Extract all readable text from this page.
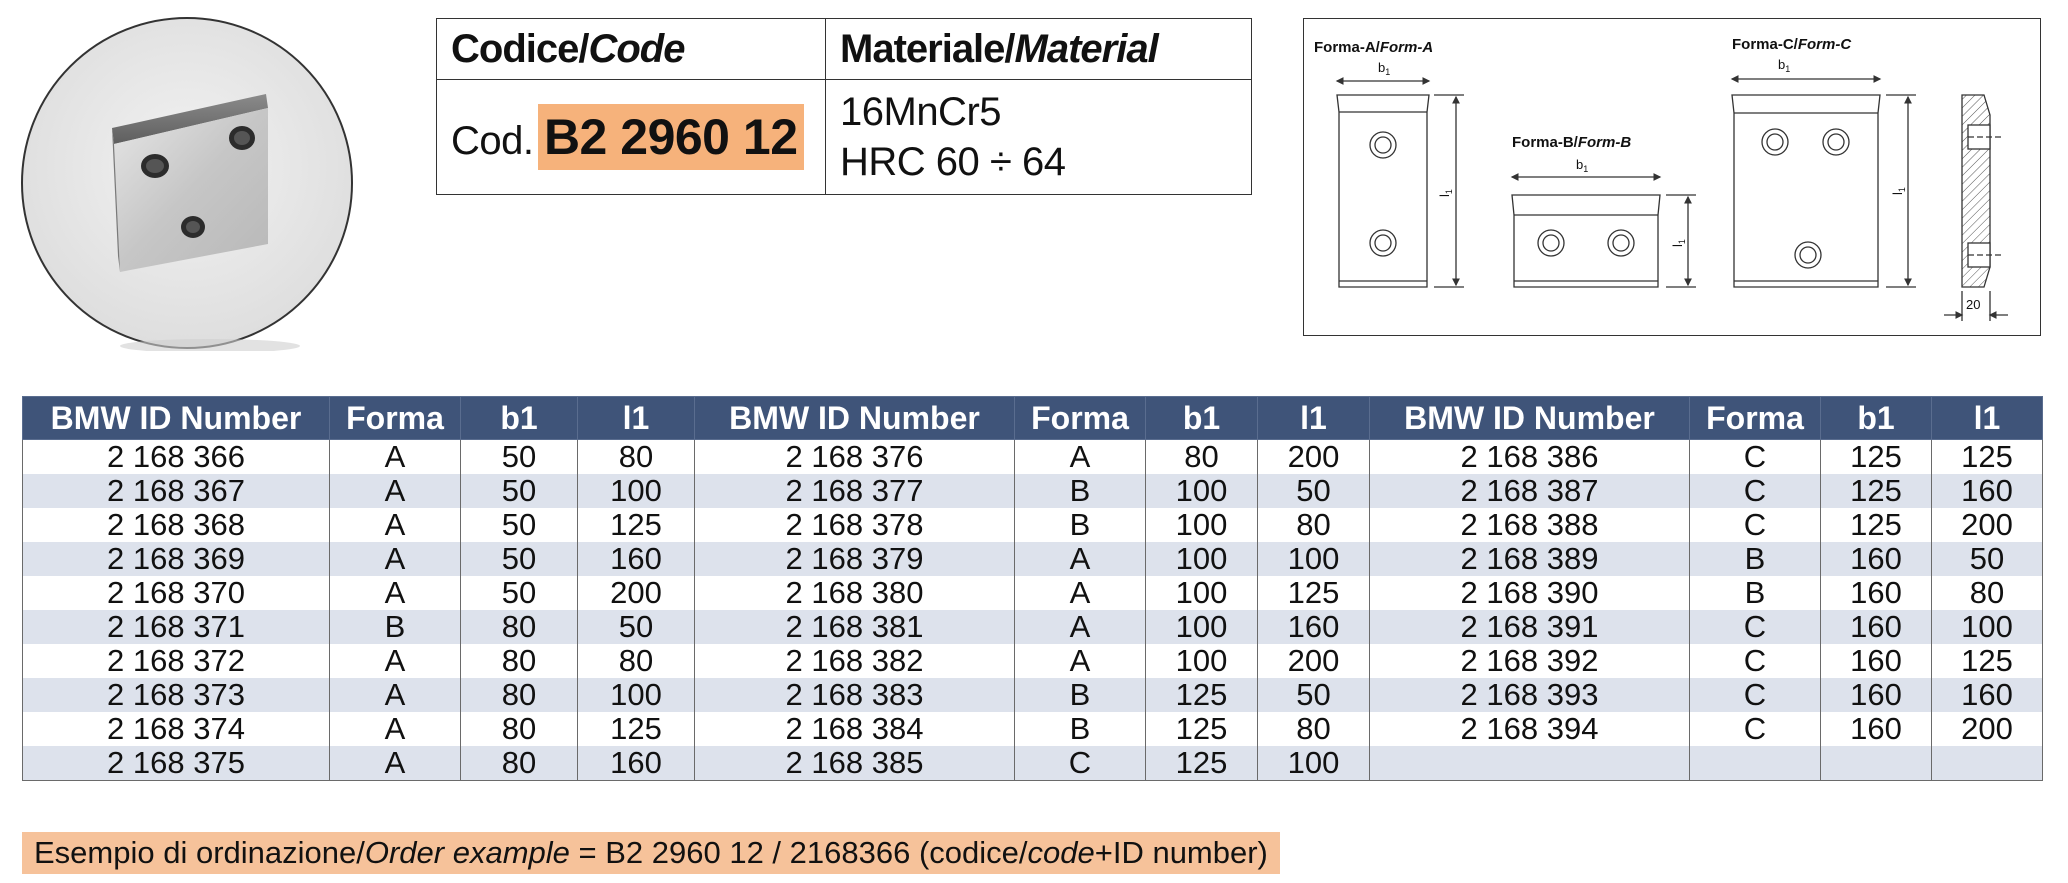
Codice/Code	Materiale/Material
Cod. B2 2960 12	16MnCr5
HRC 60 ÷ 64
Forma-A/Form-A
$b_1$
$l_1$
Forma-B/Form-B
$b_1$
$l_1$
Forma-C/Form-C
$b_1$
$l_1$
20
BMW ID Number	Forma	b1	l1	BMW ID Number	Forma	b1	l1	BMW ID Number	Forma	b1	l1
2 168 366	A	50	80	2 168 376	A	80	200	2 168 386	C	125	125
2 168 367	A	50	100	2 168 377	B	100	50	2 168 387	C	125	160
2 168 368	A	50	125	2 168 378	B	100	80	2 168 388	C	125	200
2 168 369	A	50	160	2 168 379	A	100	100	2 168 389	B	160	50
2 168 370	A	50	200	2 168 380	A	100	125	2 168 390	B	160	80
2 168 371	B	80	50	2 168 381	A	100	160	2 168 391	C	160	100
2 168 372	A	80	80	2 168 382	A	100	200	2 168 392	C	160	125
2 168 373	A	80	100	2 168 383	B	125	50	2 168 393	C	160	160
2 168 374	A	80	125	2 168 384	B	125	80	2 168 394	C	160	200
2 168 375	A	80	160	2 168 385	C	125	100				
Esempio di ordinazione/Order example = B2 2960 12 / 2168366 (codice/code+ID number)
